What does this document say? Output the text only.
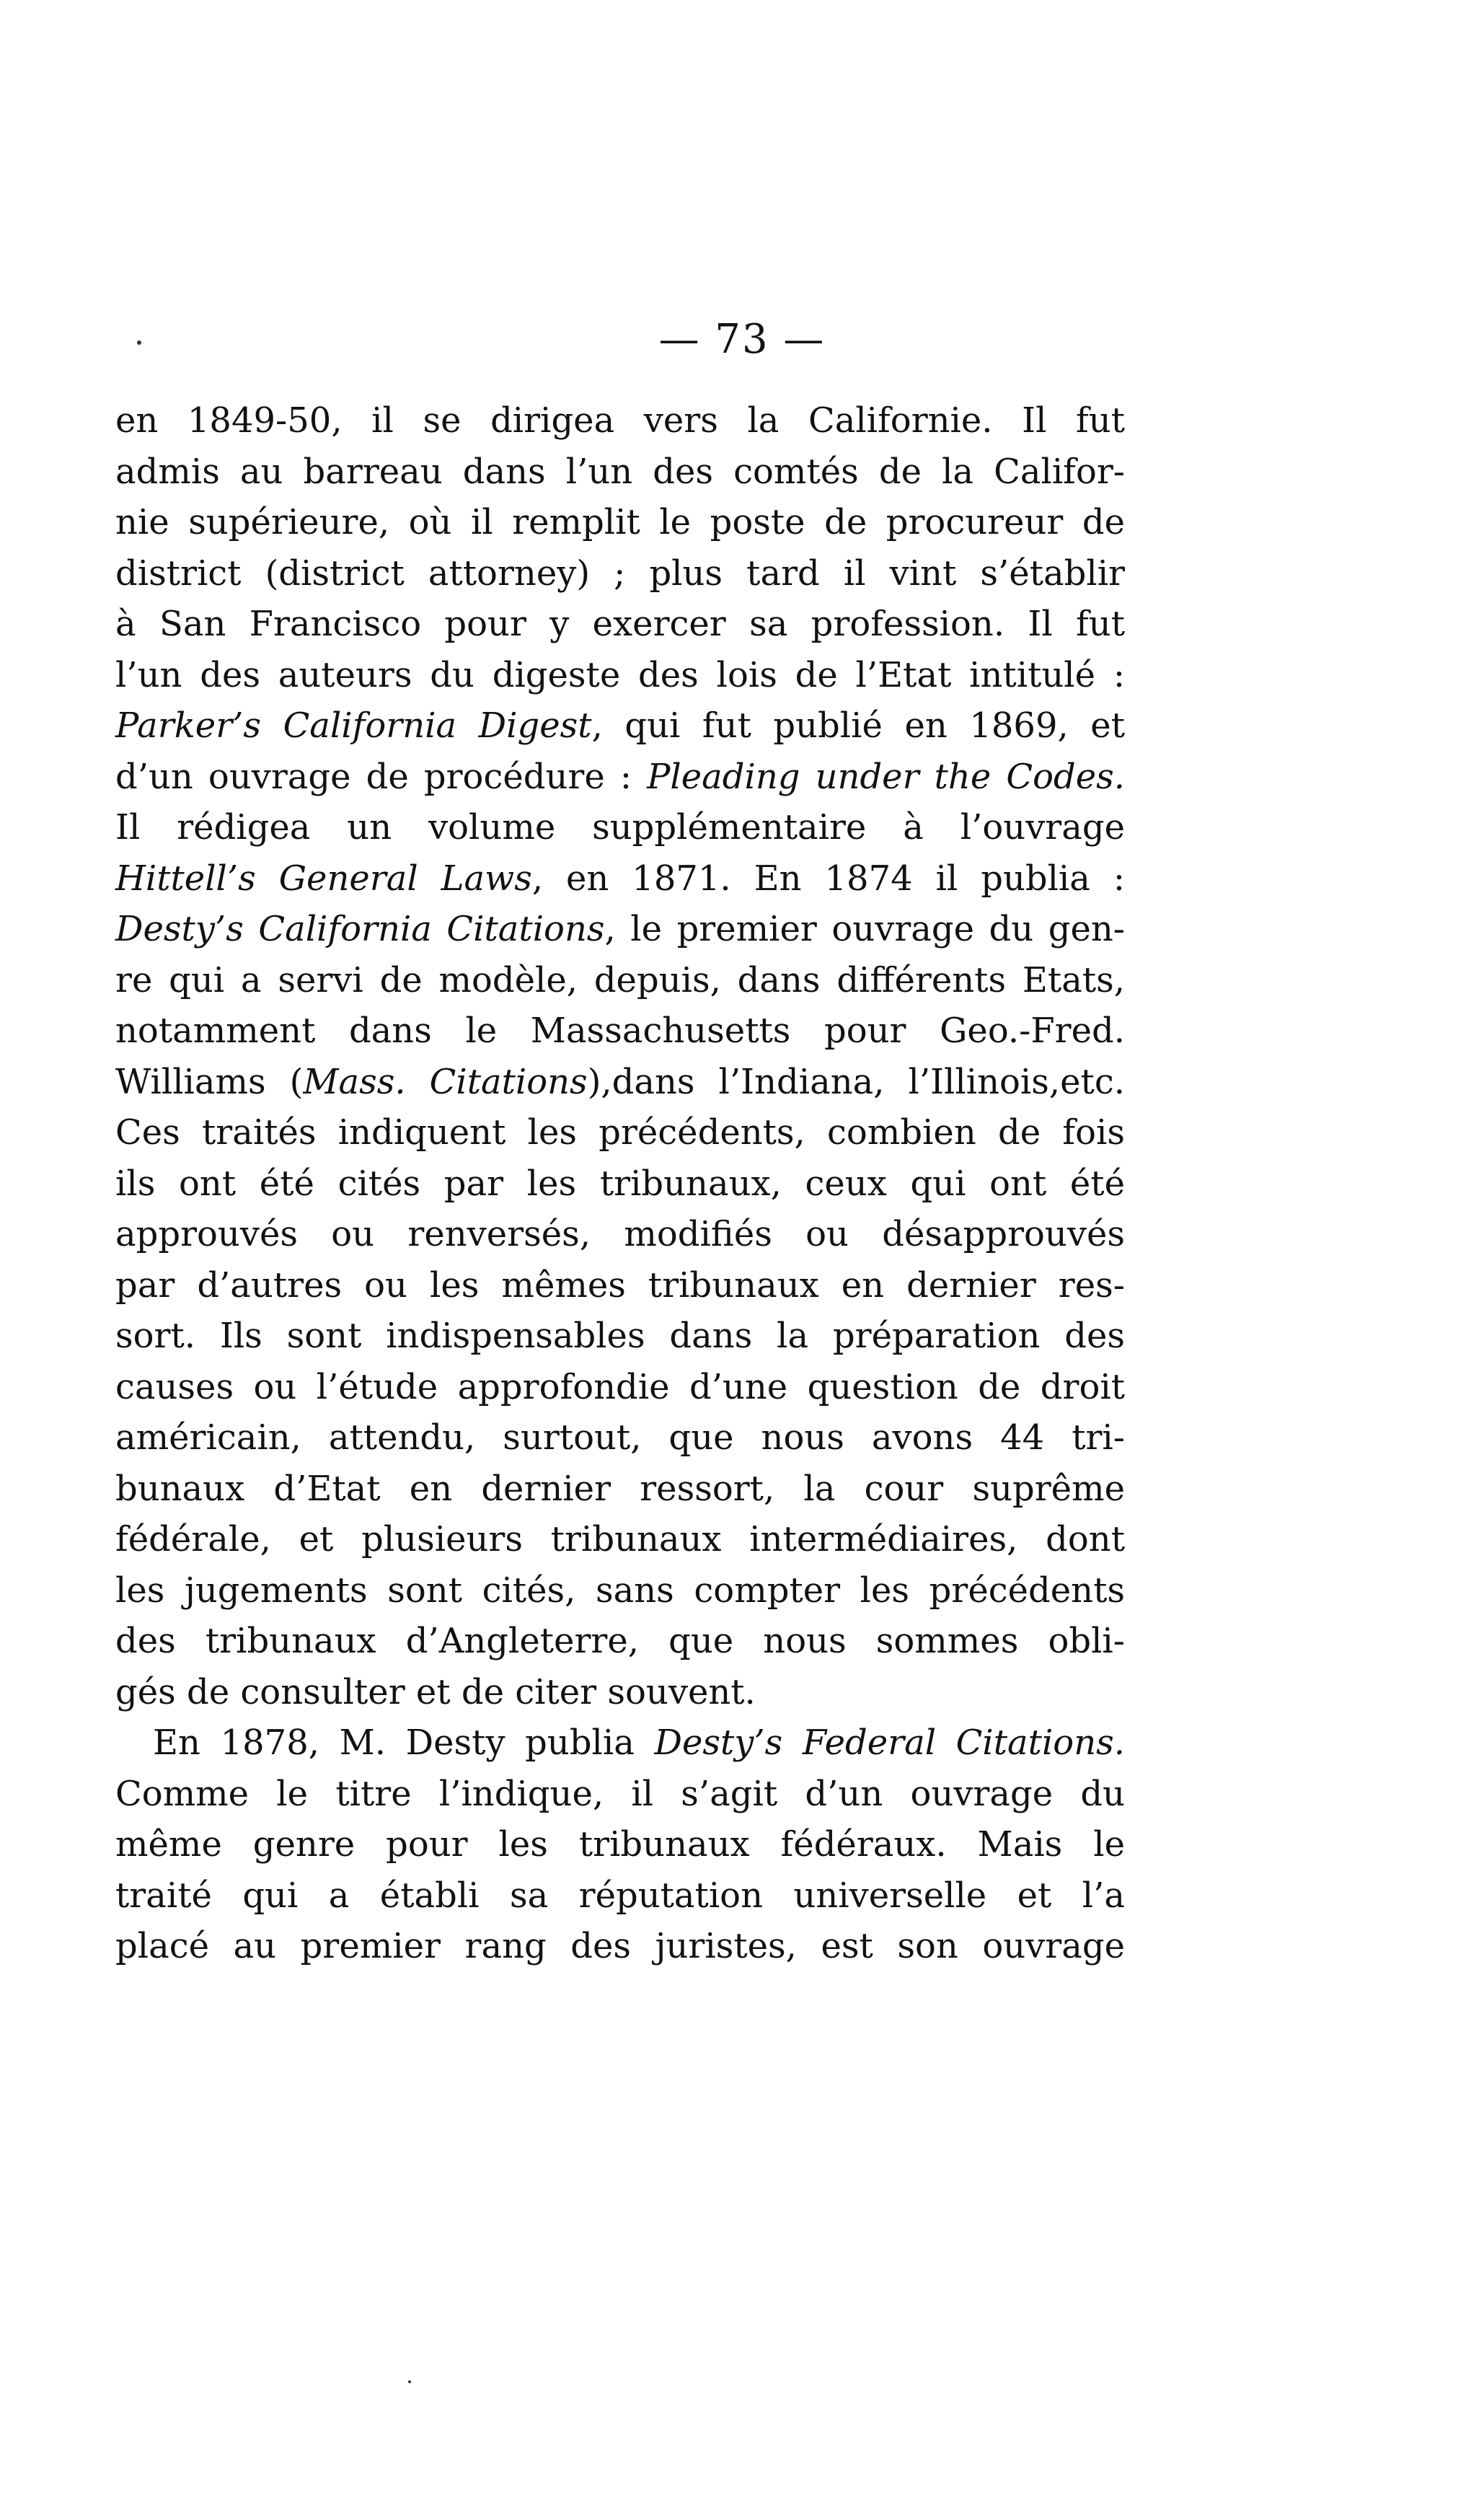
— 73 —
en 1849-50, il se dirigea vers la Californie. Il fut
admis au barreau dans l’un des comtés de la Califor-
nie supérieure, où il remplit le poste de procureur de
district (district attorney) ; plus tard il vint s’établir
à San Francisco pour y exercer sa profession. Il fut
l’un des auteurs du digeste des lois de l’Etat intitulé :
Parker’s California Digest, qui fut publié en 1869, et
d’un ouvrage de procédure : Pleading under the Codes.
Il rédigea un volume supplémentaire à l’ouvrage
Hittell’s General Laws, en 1871. En 1874 il publia :
Desty’s California Citations, le premier ouvrage du gen-
re qui a servi de modèle, depuis, dans différents Etats,
notamment dans le Massachusetts pour Geo.-Fred.
Williams (Mass. Citations),dans l’Indiana, l’Illinois,etc.
Ces traités indiquent les précédents, combien de fois
ils ont été cités par les tribunaux, ceux qui ont été
approuvés ou renversés, modifiés ou désapprouvés
par d’autres ou les mêmes tribunaux en dernier res-
sort. Ils sont indispensables dans la préparation des
causes ou l’étude approfondie d’une question de droit
américain, attendu, surtout, que nous avons 44 tri-
bunaux d’Etat en dernier ressort, la cour suprême
fédérale, et plusieurs tribunaux intermédiaires, dont
les jugements sont cités, sans compter les précédents
des tribunaux d’Angleterre, que nous sommes obli-
gés de consulter et de citer souvent.
En 1878, M. Desty publia Desty’s Federal Citations.
Comme le titre l’indique, il s’agit d’un ouvrage du
même genre pour les tribunaux fédéraux. Mais le
traité qui a établi sa réputation universelle et l’a
placé au premier rang des juristes, est son ouvrage
